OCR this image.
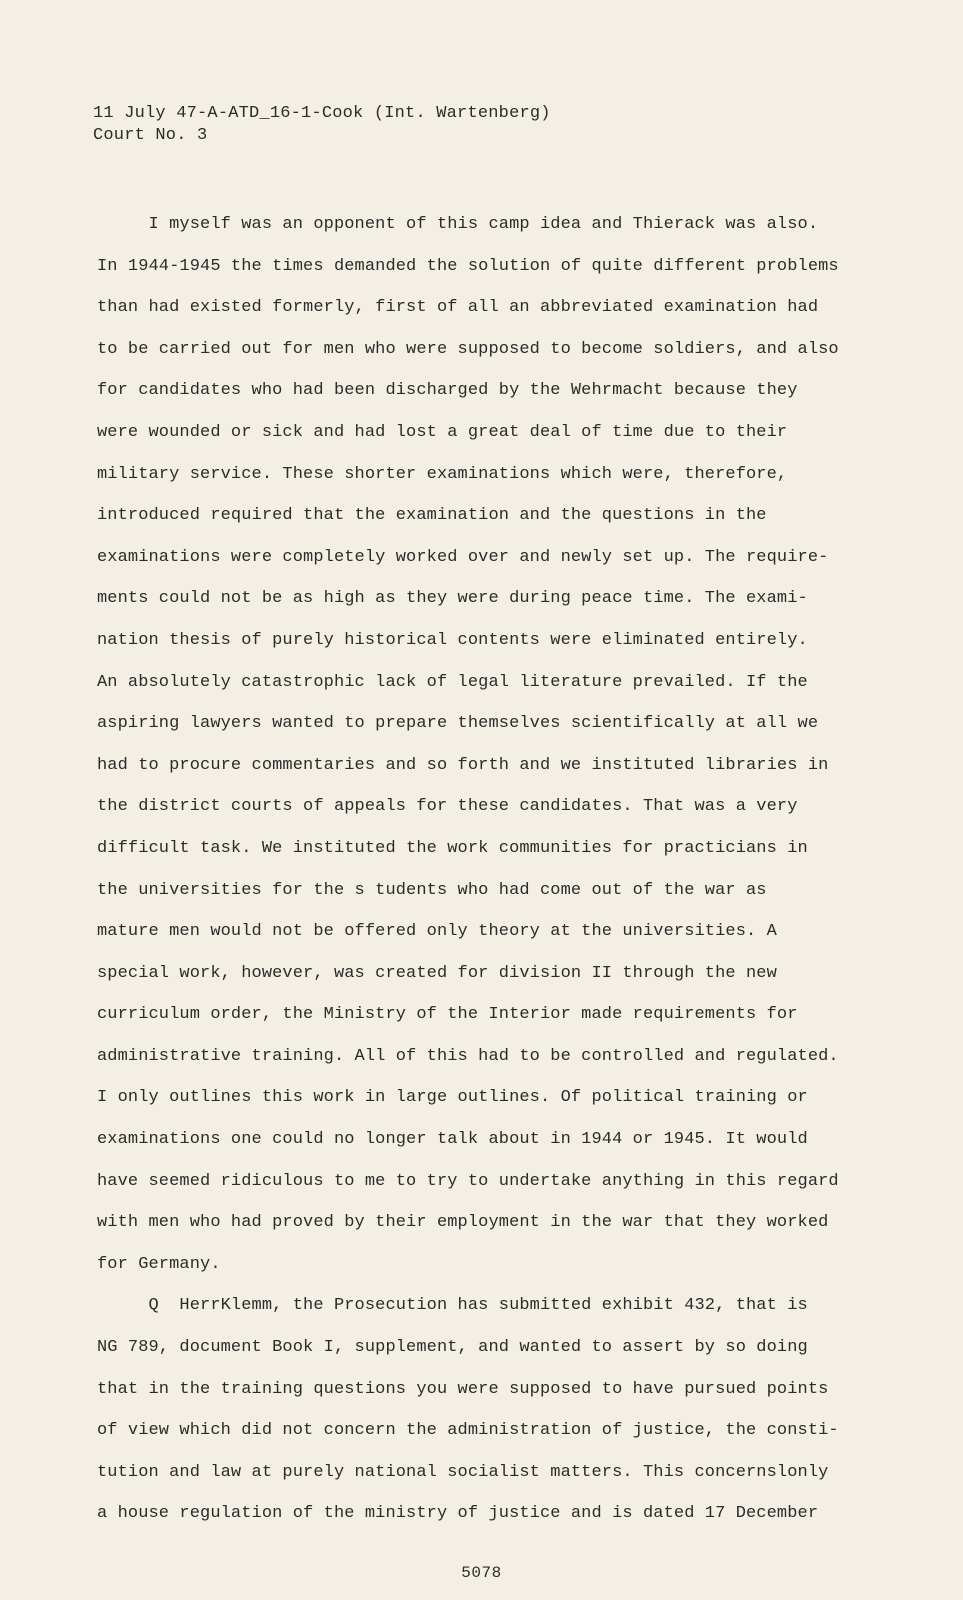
11 July 47-A-ATD_16-1-Cook (Int. Wartenberg)
Court No. 3
I myself was an opponent of this camp idea and Thierack was also.
In 1944-1945 the times demanded the solution of quite different problems
than had existed formerly, first of all an abbreviated examination had
to be carried out for men who were supposed to become soldiers, and also
for candidates who had been discharged by the Wehrmacht because they
were wounded or sick and had lost a great deal of time due to their
military service. These shorter examinations which were, therefore,
introduced required that the examination and the questions in the
examinations were completely worked over and newly set up. The require-
ments could not be as high as they were during peace time. The exami-
nation thesis of purely historical contents were eliminated entirely.
An absolutely catastrophic lack of legal literature prevailed. If the
aspiring lawyers wanted to prepare themselves scientifically at all we
had to procure commentaries and so forth and we instituted libraries in
the district courts of appeals for these candidates. That was a very
difficult task. We instituted the work communities for practicians in
the universities for the s tudents who had come out of the war as
mature men would not be offered only theory at the universities. A
special work, however, was created for division II through the new
curriculum order, the Ministry of the Interior made requirements for
administrative training. All of this had to be controlled and regulated.
I only outlines this work in large outlines. Of political training or
examinations one could no longer talk about in 1944 or 1945. It would
have seemed ridiculous to me to try to undertake anything in this regard
with men who had proved by their employment in the war that they worked
for Germany.
Q  HerrKlemm, the Prosecution has submitted exhibit 432, that is
NG 789, document Book I, supplement, and wanted to assert by so doing
that in the training questions you were supposed to have pursued points
of view which did not concern the administration of justice, the consti-
tution and law at purely national socialist matters. This concernslonly
a house regulation of the ministry of justice and is dated 17 December
5078
